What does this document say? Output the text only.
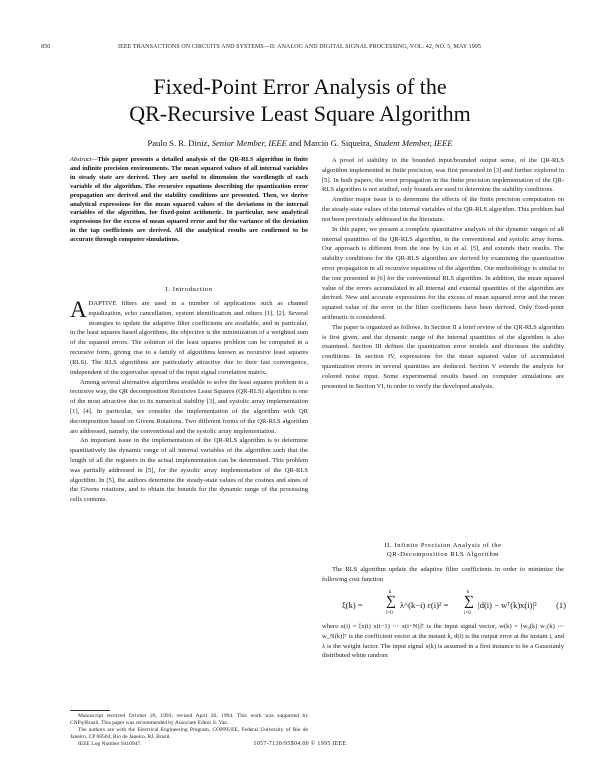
850	IEEE TRANSACTIONS ON CIRCUITS AND SYSTEMS—II: ANALOG AND DIGITAL SIGNAL PROCESSING, VOL. 42, NO. 5, MAY 1995
Fixed-Point Error Analysis of the
QR-Recursive Least Square Algorithm
Paulo S. R. Diniz, Senior Member, IEEE and Marcio G. Siqueira, Student Member, IEEE
Abstract—This paper presents a detailed analysis of the QR-RLS algorithm in finite and infinite precision environments. The mean squared values of all internal variables in steady state are derived. They are useful to dimension the wordlength of each variable of the algorithm. The recursive equations describing the quantization error propagation are derived and the stability conditions are presented. Then, we derive analytical expressions for the mean squared values of the deviations in the internal variables of the algorithm, for fixed-point arithmetic. In particular, new analytical expressions for the excess of mean squared error and for the variance of the deviation in the tap coefficients are derived. All the analytical results are confirmed to be accurate through computer simulations.
I. Introduction

ADAPTIVE filters are used in a number of applications such as channel equalization, echo cancellation, system identification and others [1], [2]. Several strategies to update the adaptive filter coefficients are available, and in particular, in the least squares based algorithms, the objective is the minimization of a weighted sum of the squared errors. The solution of the least squares problem can be computed in a recursive form, giving rise to a family of algorithms known as recursive least squares (RLS). The RLS algorithms are particularly attractive due to their fast convergence, independent of the eigenvalue spread of the input signal correlation matrix.

Among several alternative algorithms available to solve the least squares problem in a recursive way, the QR decomposition Recursive Least Squares (QR-RLS) algorithm is one of the most attractive due to its numerical stability [3], and systolic array implementation [1], [4]. In particular, we consider the implementation of the algorithm with QR decomposition based on Givens Rotations. Two different forms of the QR-RLS algorithm are addressed, namely, the conventional and the systolic array implementation.

An important issue in the implementation of the QR-RLS algorithm is to determine quantitatively the dynamic range of all internal variables of the algorithm such that the length of all the registers in the actual implementation can be determined. This problem was partially addressed in [5], for the systolic array implementation of the QR-RLS algorithm. In [5], the authors determine the steady-state values of the cosines and sines of the Givens rotations, and to obtain the bounds for the dynamic range of the processing cells contents.

Manuscript received October 26, 1993; revised April 26, 1994. This work was supported by CNPq/Brazil. This paper was recommended by Associate Editor S. Yao.

The authors are with the Electrical Engineering Program, COPPE/EE, Federal University of Rio de Janeiro, CP 68504, Rio de Janeiro, RJ, Brazil.

IEEE Log Number 9410947.

A proof of stability in the bounded input/bounded output sense, of the QR-RLS algorithm implemented in finite precision, was first presented in [3] and further explored in [5]. In both papers, the error propagation in the finite precision implementation of the QR-RLS algorithm is not studied, only bounds are used to determine the stability conditions.

Another major issue is to determine the effects of the finite precision computation on the steady-state values of the internal variables of the QR-RLS algorithm. This problem had not been previously addressed in the literature.

In this paper, we present a complete quantitative analysis of the dynamic ranges of all internal quantities of the QR-RLS algorithm, in the conventional and systolic array forms. Our approach is different from the one by Liu et al. [5], and extends their results. The stability conditions for the QR-RLS algorithm are derived by examining the quantization error propagation in all recursive equations of the algorithm. Our methodology is similar to the one presented in [6] for the conventional RLS algorithm. In addition, the mean squared value of the errors accumulated in all internal and external quantities of the algorithm are derived. New and accurate expressions for the excess of mean squared error and the mean squared value of the error in the filter coefficients have been derived. Only fixed-point arithmetic is considered.

The paper is organized as follows. In Section II a brief review of the QR-RLS algorithm is first given, and the dynamic range of the internal quantities of the algorithm is also examined. Section III defines the quantization error models and discusses the stability conditions. In section IV, expressions for the mean squared value of accumulated quantization errors in several quantities are deduced. Section V extends the analysis for colored noise input. Some experimental results based on computer simulations are presented in Section VI, in order to verify the developed analysis.

II. Infinite Precision Analysis of the
QR-Decomposition RLS Algorithm

The RLS algorithm update the adaptive filter coefficients in order to minimize the following cost function

ξ(k) =
k
∑
i=0
λ^(k−i) ε(i)² =
k
∑
i=0
|d(i) − wᵀ(k)x(i)|² (1)

where x(i) = [x(i) x(i−1) ⋯ x(i−N)]ᵀ is the input signal vector, w(k) = [w₀(k) w₁(k) ⋯ w_N(k)]ᵀ is the coefficient vector at the instant k, d(i) is the output error at the instant i, and λ is the weight factor. The input signal x(k) is assumed in a first instance to be a Gaussianly distributed white random

1057-7130/95$04.00 © 1995 IEEE
